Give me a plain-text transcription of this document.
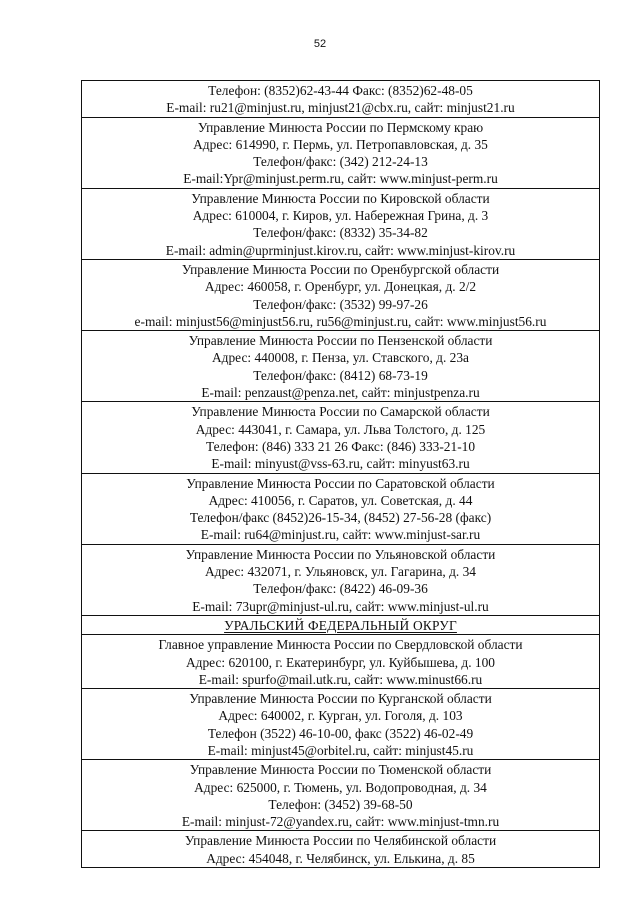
52
Телефон: (8352)62-43-44 Факс: (8352)62-48-05
E-mail: ru21@minjust.ru, minjust21@cbx.ru, сайт: minjust21.ru
Управление Минюста России по Пермскому краю
Адрес: 614990, г. Пермь, ул. Петропавловская, д. 35
Телефон/факс: (342) 212-24-13
E-mail:Ypr@minjust.perm.ru, сайт: www.minjust-perm.ru
Управление Минюста России по Кировской области
Адрес: 610004, г. Киров, ул. Набережная Грина, д. 3
Телефон/факс: (8332) 35-34-82
E-mail: admin@uprminjust.kirov.ru, сайт: www.minjust-kirov.ru
Управление Минюста России по Оренбургской области
Адрес: 460058, г. Оренбург, ул. Донецкая, д. 2/2
Телефон/факс: (3532) 99-97-26
e-mail: minjust56@minjust56.ru, ru56@minjust.ru, сайт: www.minjust56.ru
Управление Минюста России по Пензенской области
Адрес: 440008, г. Пенза, ул. Ставского, д. 23а
Телефон/факс: (8412) 68-73-19
E-mail: penzaust@penza.net, сайт: minjustpenza.ru
Управление Минюста России по Самарской области
Адрес: 443041, г. Самара, ул. Льва Толстого, д. 125
Телефон: (846) 333 21 26 Факс: (846) 333-21-10
E-mail: minyust@vss-63.ru, сайт: minyust63.ru
Управление Минюста России по Саратовской области
Адрес: 410056, г. Саратов, ул. Советская, д. 44
Телефон/факс (8452)26-15-34, (8452) 27-56-28 (факс)
E-mail: ru64@minjust.ru, сайт: www.minjust-sar.ru
Управление Минюста России по Ульяновской области
Адрес: 432071, г. Ульяновск, ул. Гагарина, д. 34
Телефон/факс: (8422) 46-09-36
E-mail: 73upr@minjust-ul.ru, сайт: www.minjust-ul.ru
УРАЛЬСКИЙ ФЕДЕРАЛЬНЫЙ ОКРУГ
Главное управление Минюста России по Свердловской области
Адрес: 620100, г. Екатеринбург, ул. Куйбышева, д. 100
E-mail: spurfo@mail.utk.ru, сайт: www.minust66.ru
Управление Минюста России по Курганской области
Адрес: 640002, г. Курган, ул. Гоголя, д. 103
Телефон (3522) 46-10-00, факс (3522) 46-02-49
E-mail: minjust45@orbitel.ru, сайт: minjust45.ru
Управление Минюста России по Тюменской области
Адрес: 625000, г. Тюмень, ул. Водопроводная, д. 34
Телефон: (3452) 39-68-50
E-mail: minjust-72@yandex.ru, сайт: www.minjust-tmn.ru
Управление Минюста России по Челябинской области
Адрес: 454048, г. Челябинск, ул. Елькина, д. 85
